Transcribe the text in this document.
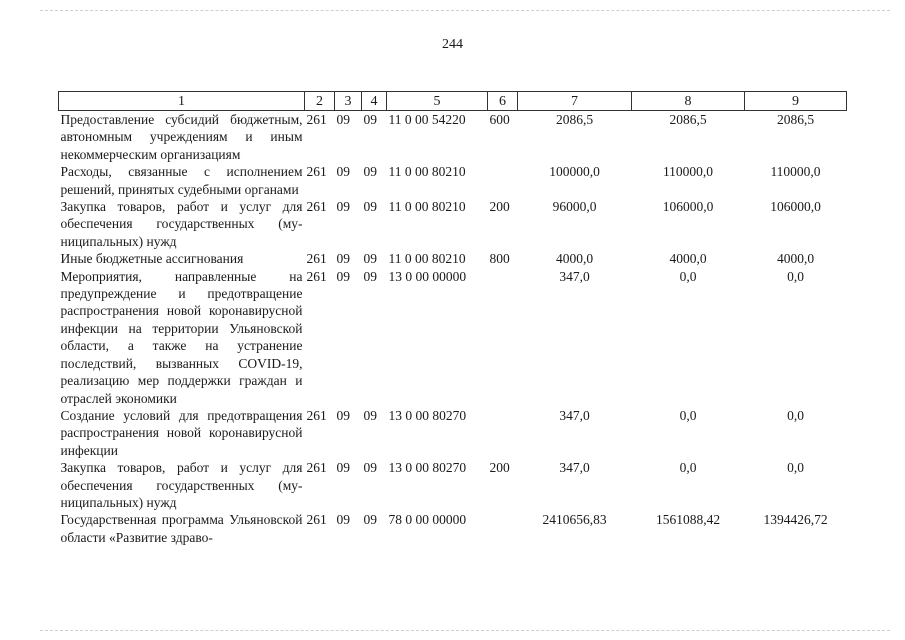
244
1	2	3	4	5	6	7	8	9
Предоставление субсидий бюджетным, автономным учреждениям и иным некоммерческим организациям	261	09	09	11 0 00 54220	600	2086,5	2086,5	2086,5
Расходы, связанные с исполнением решений, принятых судебными органами	261	09	09	11 0 00 80210		100000,0	110000,0	110000,0
Закупка товаров, работ и услуг для обеспечения государственных (муниципальных) нужд	261	09	09	11 0 00 80210	200	96000,0	106000,0	106000,0
Иные бюджетные ассигнования	261	09	09	11 0 00 80210	800	4000,0	4000,0	4000,0
Мероприятия, направленные на предупреждение и предотвращение распространения новой коронавирусной инфекции на территории Ульяновской области, а также на устранение последствий, вызванных COVID-19, реализацию мер поддержки граждан и отраслей экономики	261	09	09	13 0 00 00000		347,0	0,0	0,0
Создание условий для предотвращения распространения новой коронавирусной инфекции	261	09	09	13 0 00 80270		347,0	0,0	0,0
Закупка товаров, работ и услуг для обеспечения государственных (муниципальных) нужд	261	09	09	13 0 00 80270	200	347,0	0,0	0,0
Государственная программа Ульяновской области «Развитие здраво-	261	09	09	78 0 00 00000		2410656,83	1561088,42	1394426,72
